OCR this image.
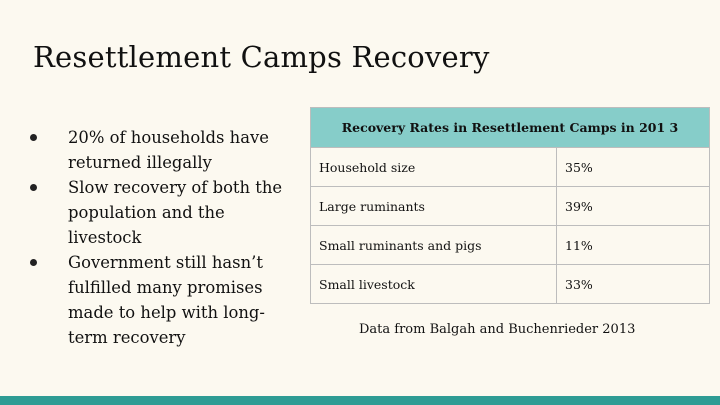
Resettlement Camps Recovery
20% of households have returned illegally
Slow recovery of both the population and the livestock
Government still hasn’t fulfilled many promises made to help with long-term recovery
Recovery Rates in Resettlement Camps in 201 3	
Household size	35%
Large ruminants	39%
Small ruminants and pigs	11%
Small livestock	33%
Data from Balgah and Buchenrieder 2013
